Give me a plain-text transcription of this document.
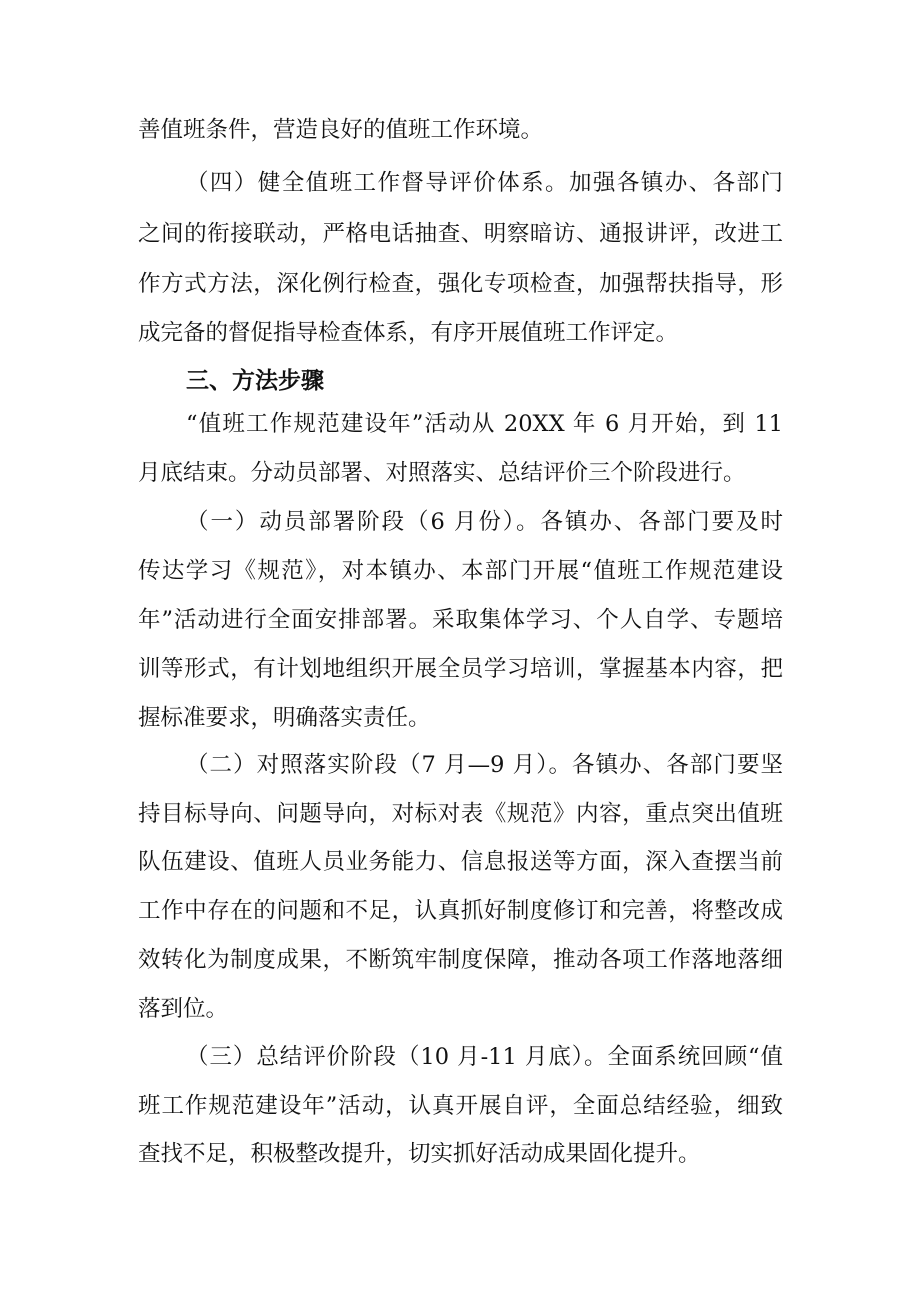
善值班条件，营造良好的值班工作环境。
（四）健全值班工作督导评价体系。加强各镇办、各部门
之间的衔接联动，严格电话抽查、明察暗访、通报讲评，改进工
作方式方法，深化例行检查，强化专项检查，加强帮扶指导，形
成完备的督促指导检查体系，有序开展值班工作评定。
三、方法步骤
“值班工作规范建设年”活动从 20XX 年 6 月开始，到 11
月底结束。分动员部署、对照落实、总结评价三个阶段进行。
（一）动员部署阶段（6 月份）。各镇办、各部门要及时
传达学习《规范》，对本镇办、本部门开展“值班工作规范建设
年”活动进行全面安排部署。采取集体学习、个人自学、专题培
训等形式，有计划地组织开展全员学习培训，掌握基本内容，把
握标准要求，明确落实责任。
（二）对照落实阶段（7 月—9 月）。各镇办、各部门要坚
持目标导向、问题导向，对标对表《规范》内容，重点突出值班
队伍建设、值班人员业务能力、信息报送等方面，深入查摆当前
工作中存在的问题和不足，认真抓好制度修订和完善，将整改成
效转化为制度成果，不断筑牢制度保障，推动各项工作落地落细
落到位。
（三）总结评价阶段（10 月-11 月底）。全面系统回顾“值
班工作规范建设年”活动，认真开展自评，全面总结经验，细致
查找不足，积极整改提升，切实抓好活动成果固化提升。
